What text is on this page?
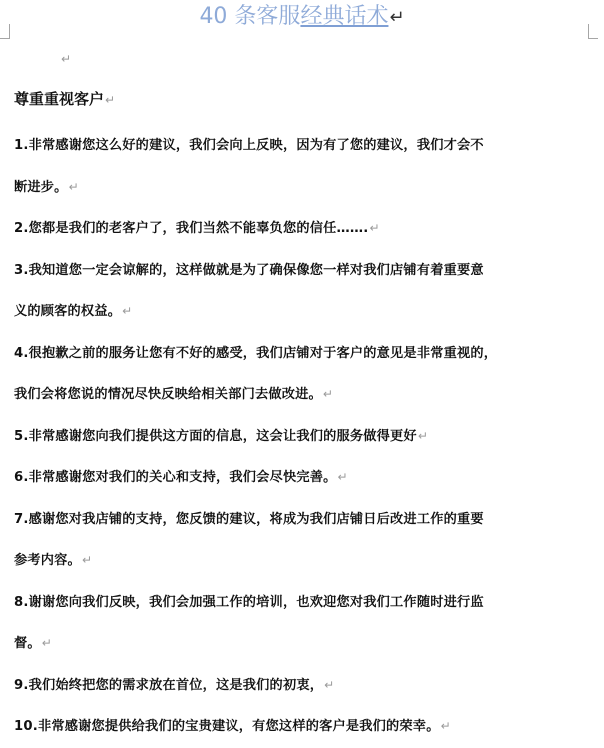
40 条客服经典话术↵
↵

尊重重视客户↵

1.非常感谢您这么好的建议，我们会向上反映，因为有了您的建议，我们才会不
断进步。↵

2.您都是我们的老客户了，我们当然不能辜负您的信任…….↵

3.我知道您一定会谅解的，这样做就是为了确保像您一样对我们店铺有着重要意
义的顾客的权益。↵

4.很抱歉之前的服务让您有不好的感受，我们店铺对于客户的意见是非常重视的，
我们会将您说的情况尽快反映给相关部门去做改进。↵

5.非常感谢您向我们提供这方面的信息，这会让我们的服务做得更好↵

6.非常感谢您对我们的关心和支持，我们会尽快完善。↵

7.感谢您对我店铺的支持，您反馈的建议，将成为我们店铺日后改进工作的重要
参考内容。↵

8.谢谢您向我们反映，我们会加强工作的培训，也欢迎您对我们工作随时进行监
督。↵

9.我们始终把您的需求放在首位，这是我们的初衷，↵

10.非常感谢您提供给我们的宝贵建议，有您这样的客户是我们的荣幸。↵
